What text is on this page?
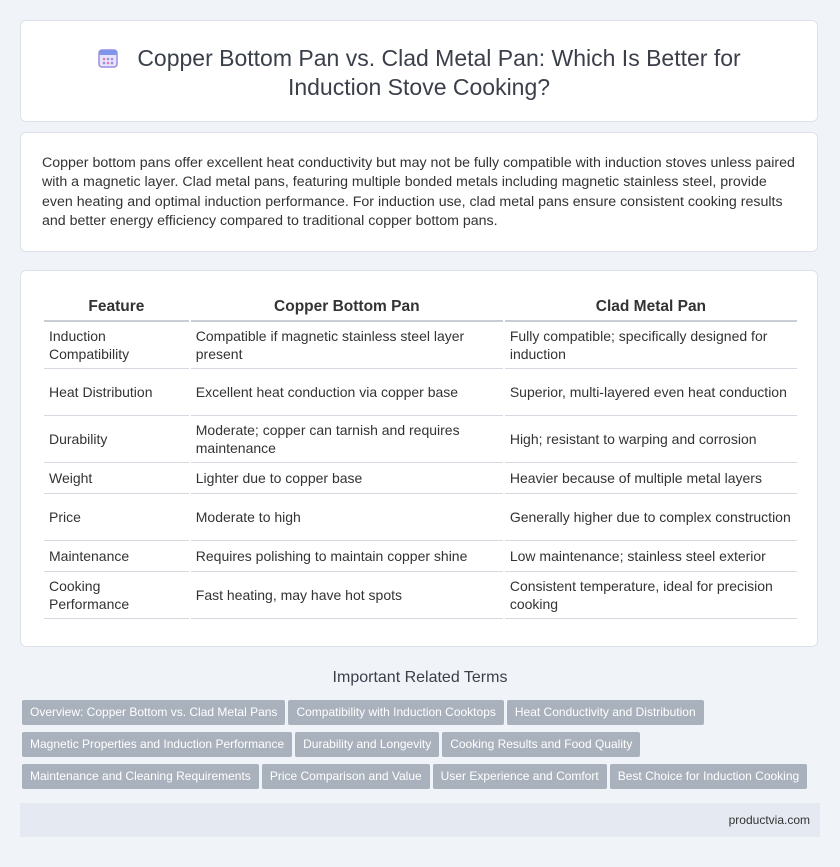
Copper Bottom Pan vs. Clad Metal Pan: Which Is Better for Induction Stove Cooking?

Copper bottom pans offer excellent heat conductivity but may not be fully compatible with induction stoves unless paired with a magnetic layer. Clad metal pans, featuring multiple bonded metals including magnetic stainless steel, provide even heating and optimal induction performance. For induction use, clad metal pans ensure consistent cooking results and better energy efficiency compared to traditional copper bottom pans.

Feature	Copper Bottom Pan	Clad Metal Pan
Induction Compatibility	Compatible if magnetic stainless steel layer present	Fully compatible; specifically designed for induction
Heat Distribution	Excellent heat conduction via copper base	Superior, multi-layered even heat conduction
Durability	Moderate; copper can tarnish and requires maintenance	High; resistant to warping and corrosion
Weight	Lighter due to copper base	Heavier because of multiple metal layers
Price	Moderate to high	Generally higher due to complex construction
Maintenance	Requires polishing to maintain copper shine	Low maintenance; stainless steel exterior
Cooking Performance	Fast heating, may have hot spots	Consistent temperature, ideal for precision cooking
Important Related Terms
Overview: Copper Bottom vs. Clad Metal Pans Compatibility with Induction Cooktops Heat Conductivity and Distribution
Magnetic Properties and Induction Performance Durability and Longevity Cooking Results and Food Quality
Maintenance and Cleaning Requirements Price Comparison and Value User Experience and Comfort Best Choice for Induction Cooking
productvia.com
